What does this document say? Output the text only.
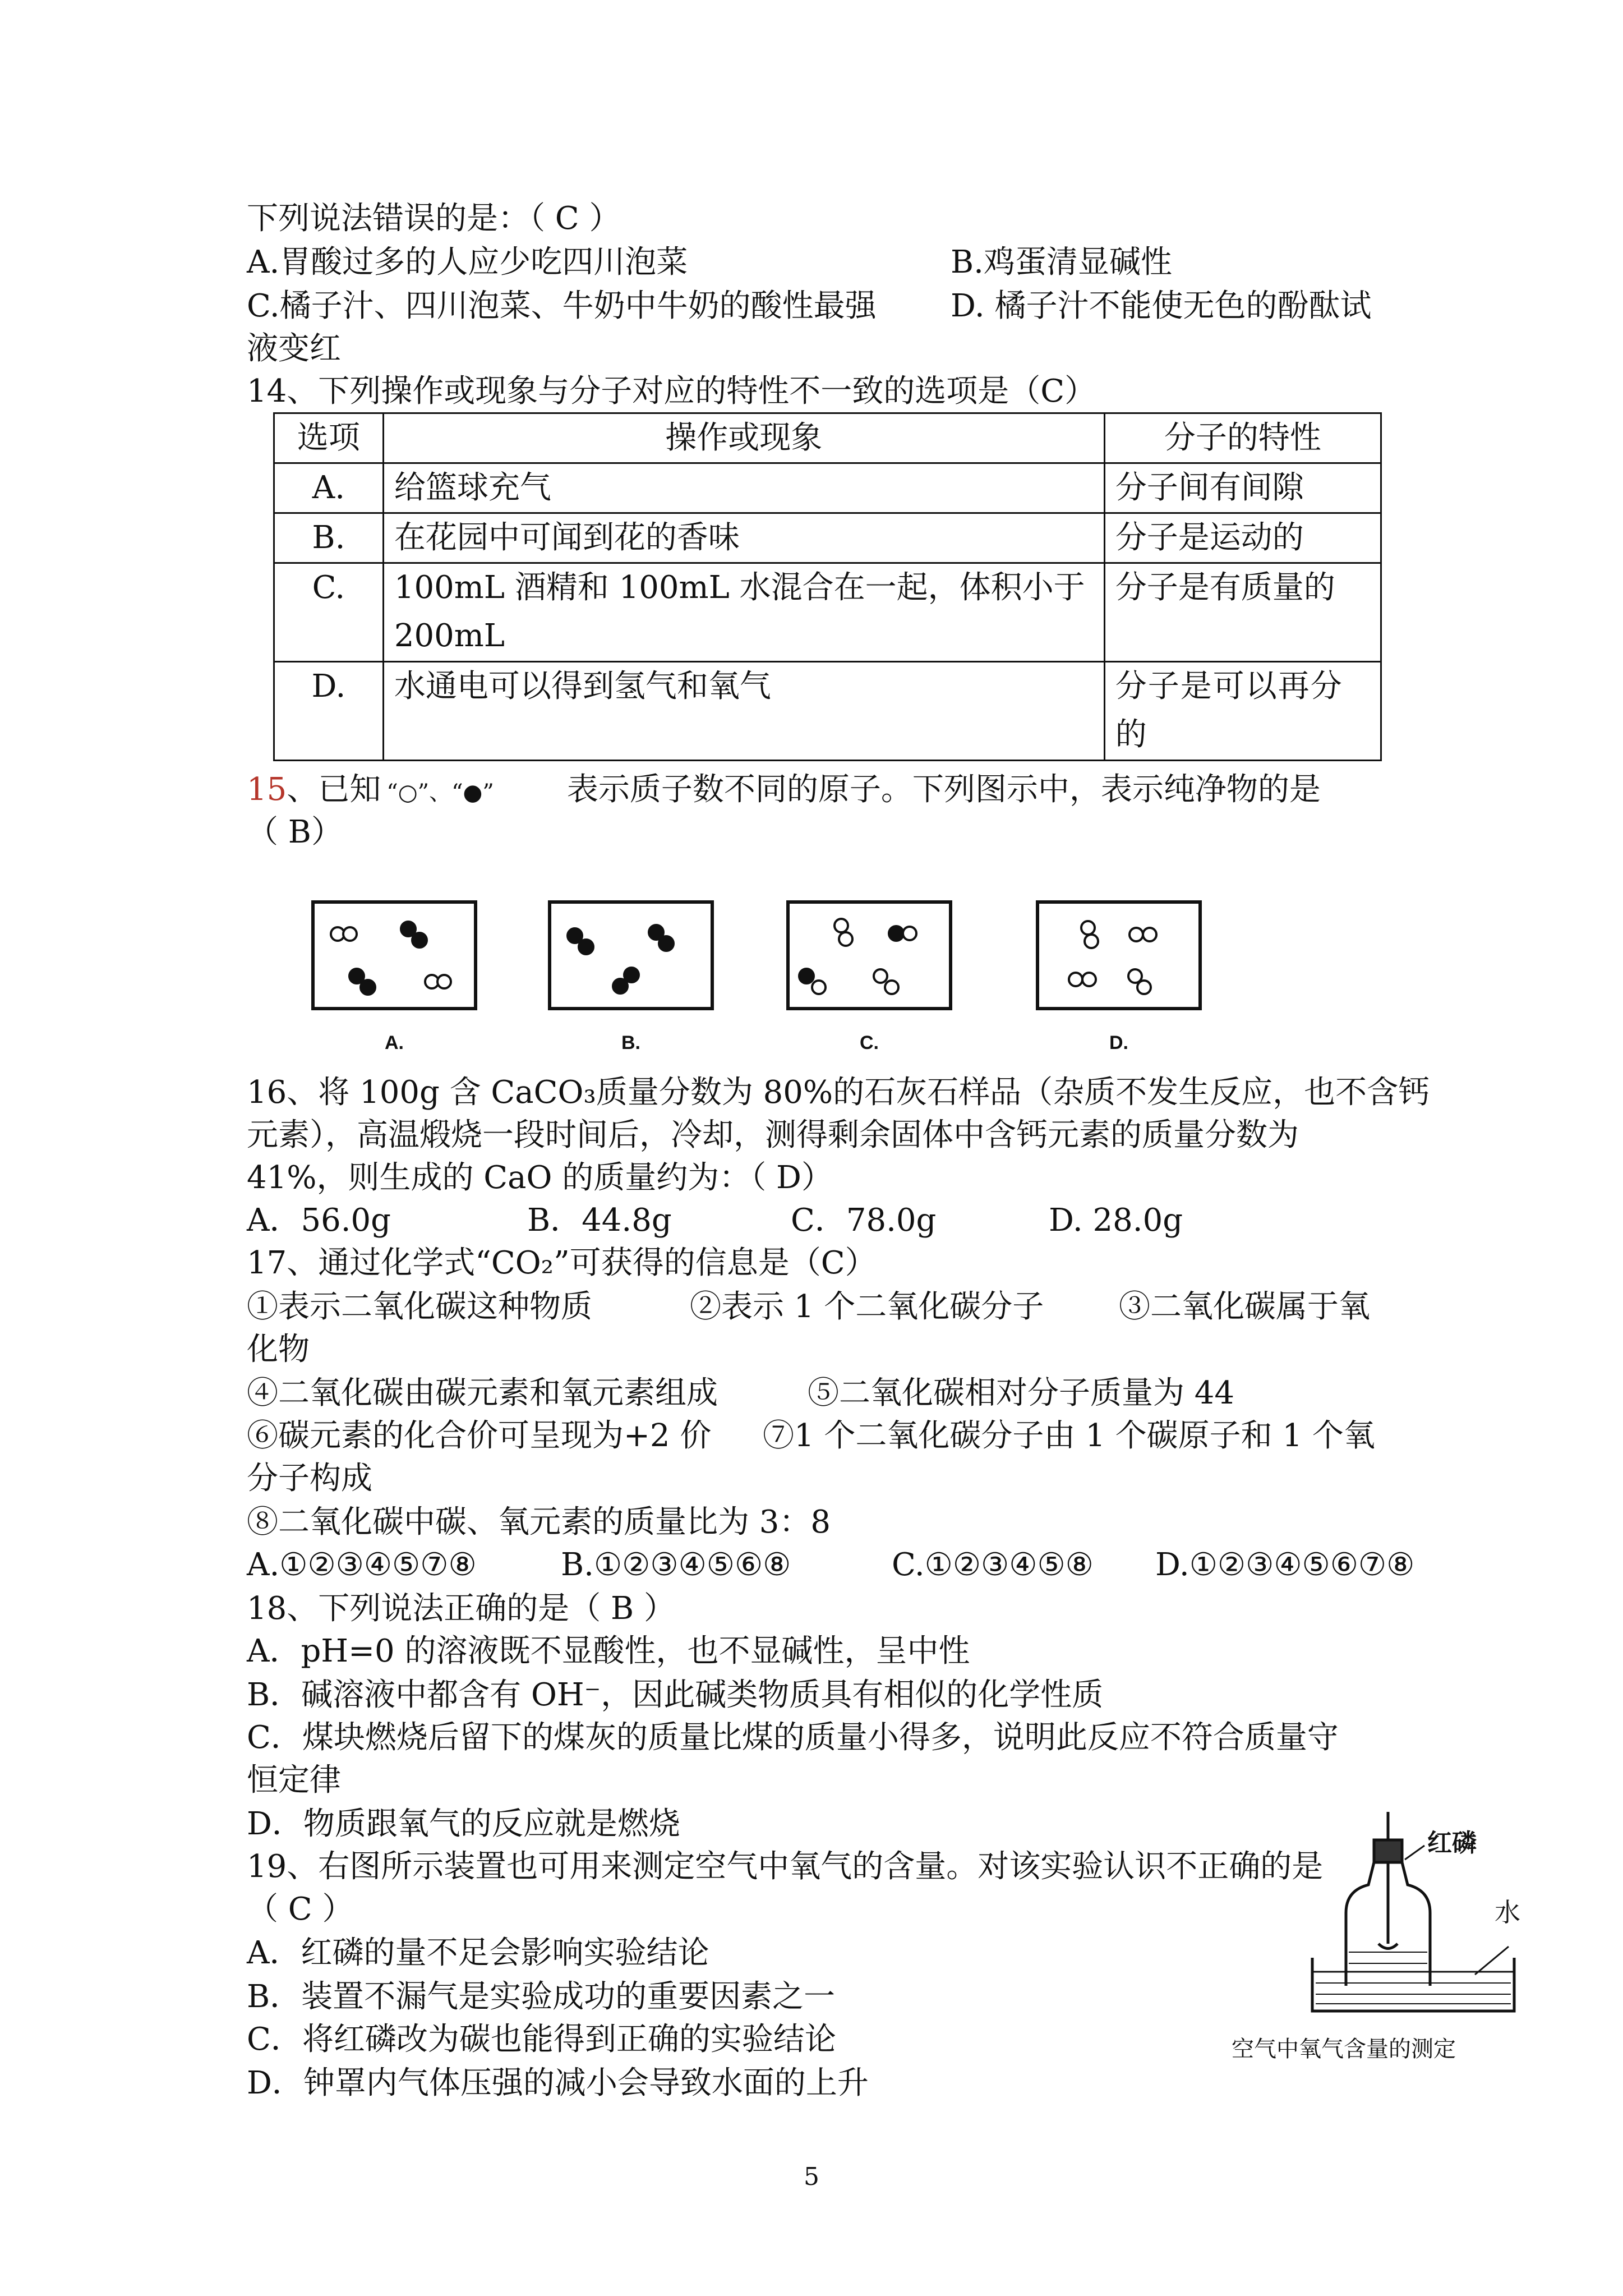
下列说法错误的是：（ C ）
A.胃酸过多的人应少吃四川泡菜	B.鸡蛋清显碱性
C.橘子汁、四川泡菜、牛奶中牛奶的酸性最强 D. 橘子汁不能使无色的酚酞试
液变红
14、下列操作或现象与分子对应的特性不一致的选项是（C）
选项	操作或现象	分子的特性
A.	给篮球充气	分子间有间隙
B.	在花园中可闻到花的香味	分子是运动的
C.	100mL 酒精和 100mL 水混合在一起，体积小于200mL	分子是有质量的
D.	水通电可以得到氢气和氧气	分子是可以再分的
15、已知 “○”、“●” 表示质子数不同的原子。下列图示中，表示纯净物的是
（ B）
A.	B.	C.	D.
16、将 100g 含 CaCO₃质量分数为 80%的石灰石样品（杂质不发生反应，也不含钙
元素），高温煅烧一段时间后，冷却，测得剩余固体中含钙元素的质量分数为
41%，则生成的 CaO 的质量约为：（ D）
A．56.0g	B．44.8g	C．78.0g	D. 28.0g
17、通过化学式“CO₂”可获得的信息是（C）
①表示二氧化碳这种物质	②表示 1 个二氧化碳分子 ③二氧化碳属于氧
化物
④二氧化碳由碳元素和氧元素组成	⑤二氧化碳相对分子质量为 44
⑥碳元素的化合价可呈现为+2 价 ⑦1 个二氧化碳分子由 1 个碳原子和 1 个氧
分子构成
⑧二氧化碳中碳、氧元素的质量比为 3：8
A.①②③④⑤⑦⑧	B.①②③④⑤⑥⑧	C.①②③④⑤⑧ D.①②③④⑤⑥⑦⑧
18、下列说法正确的是（ B ）
A．pH=0 的溶液既不显酸性，也不显碱性，呈中性
B．碱溶液中都含有 OH⁻，因此碱类物质具有相似的化学性质
C．煤块燃烧后留下的煤灰的质量比煤的质量小得多，说明此反应不符合质量守
恒定律
D．物质跟氧气的反应就是燃烧
19、右图所示装置也可用来测定空气中氧气的含量。对该实验认识不正确的是
（ C ）
A．红磷的量不足会影响实验结论
B．装置不漏气是实验成功的重要因素之一
C．将红磷改为碳也能得到正确的实验结论
D．钟罩内气体压强的减小会导致水面的上升
红磷
水
空气中氧气含量的测定
5
